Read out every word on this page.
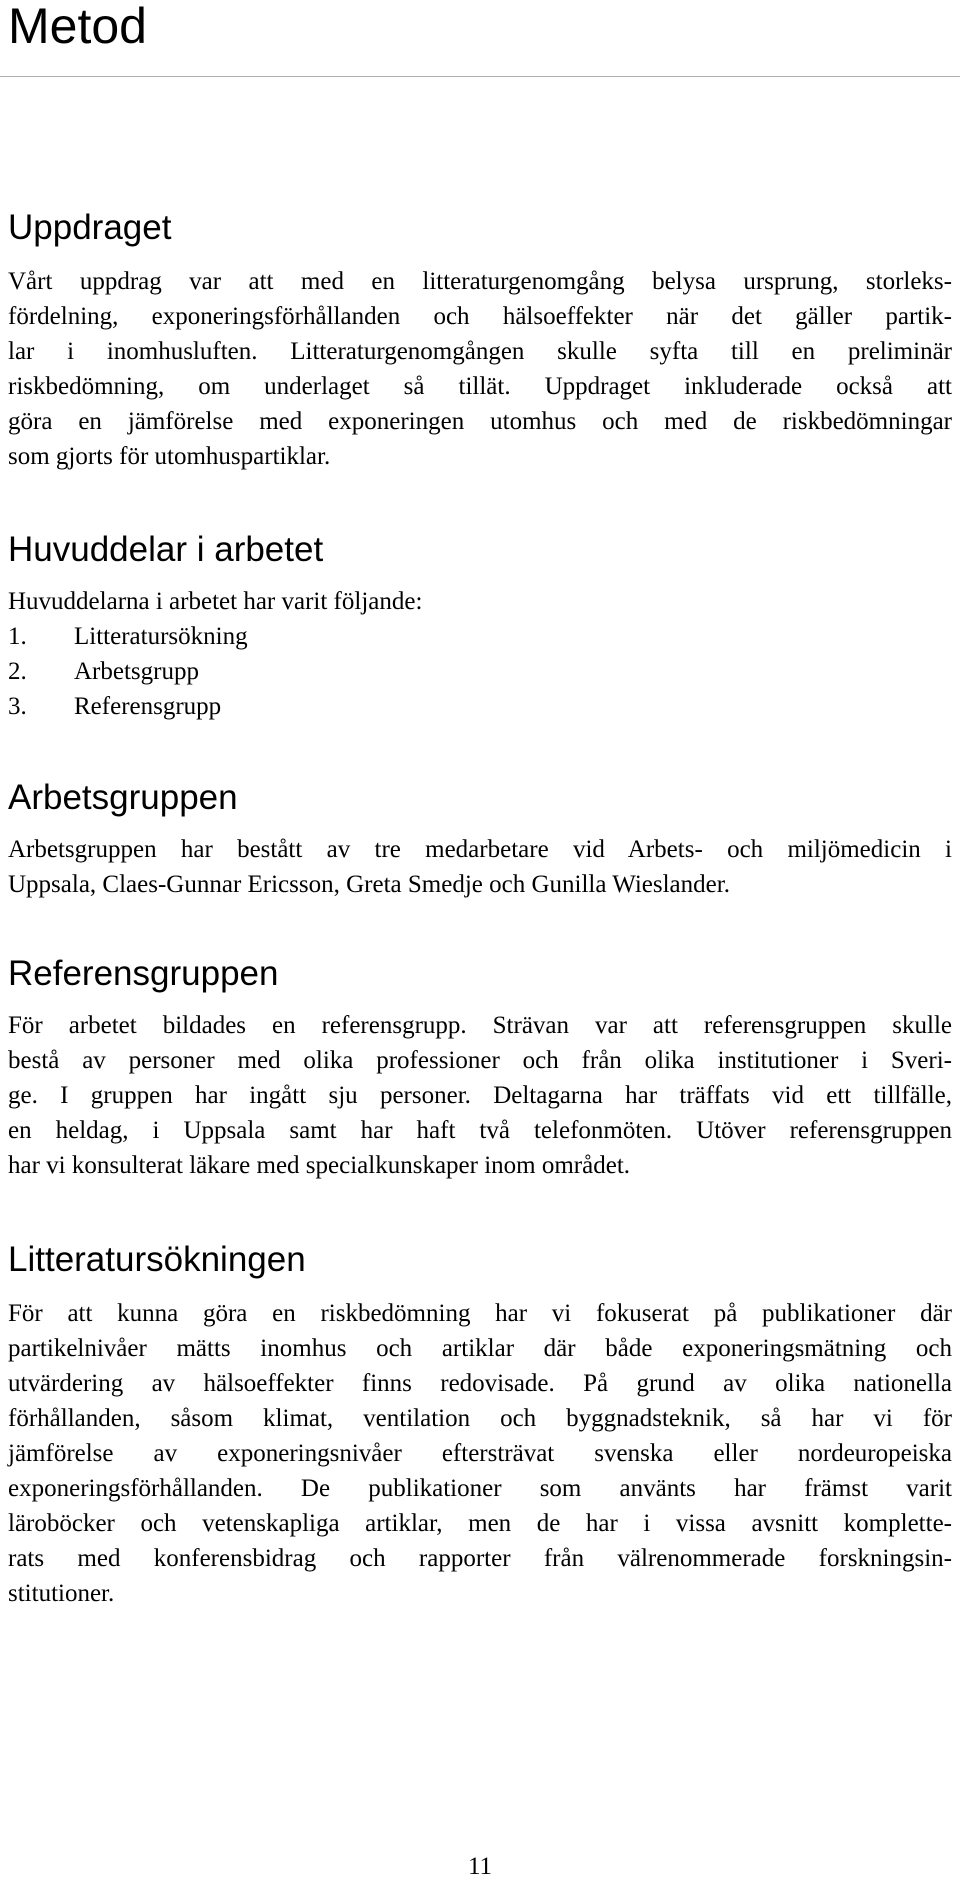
Metod
Uppdraget

Vårt uppdrag var att med en litteraturgenomgång belysa ursprung, storleks-
fördelning, exponeringsförhållanden och hälsoeffekter när det gäller partik-
lar i inomhusluften. Litteraturgenomgången skulle syfta till en preliminär
riskbedömning, om underlaget så tillät. Uppdraget inkluderade också att
göra en jämförelse med exponeringen utomhus och med de riskbedömningar
som gjorts för utomhuspartiklar.

Huvuddelar i arbetet

Huvuddelarna i arbetet har varit följande:

1.	Litteratursökning
2.	Arbetsgrupp
3.	Referensgrupp
Arbetsgruppen

Arbetsgruppen har bestått av tre medarbetare vid Arbets- och miljömedicin i
Uppsala, Claes-Gunnar Ericsson, Greta Smedje och Gunilla Wieslander.

Referensgruppen

För arbetet bildades en referensgrupp. Strävan var att referensgruppen skulle
bestå av personer med olika professioner och från olika institutioner i Sveri-
ge. I gruppen har ingått sju personer. Deltagarna har träffats vid ett tillfälle,
en heldag, i Uppsala samt har haft två telefonmöten. Utöver referensgruppen
har vi konsulterat läkare med specialkunskaper inom området.

Litteratursökningen

För att kunna göra en riskbedömning har vi fokuserat på publikationer där
partikelnivåer mätts inomhus och artiklar där både exponeringsmätning och
utvärdering av hälsoeffekter finns redovisade. På grund av olika nationella
förhållanden, såsom klimat, ventilation och byggnadsteknik, så har vi för
jämförelse av exponeringsnivåer eftersträvat svenska eller nordeuropeiska
exponeringsförhållanden. De publikationer som använts har främst varit
läroböcker och vetenskapliga artiklar, men de har i vissa avsnitt komplette-
rats med konferensbidrag och rapporter från välrenommerade forskningsin-
stitutioner.

11
